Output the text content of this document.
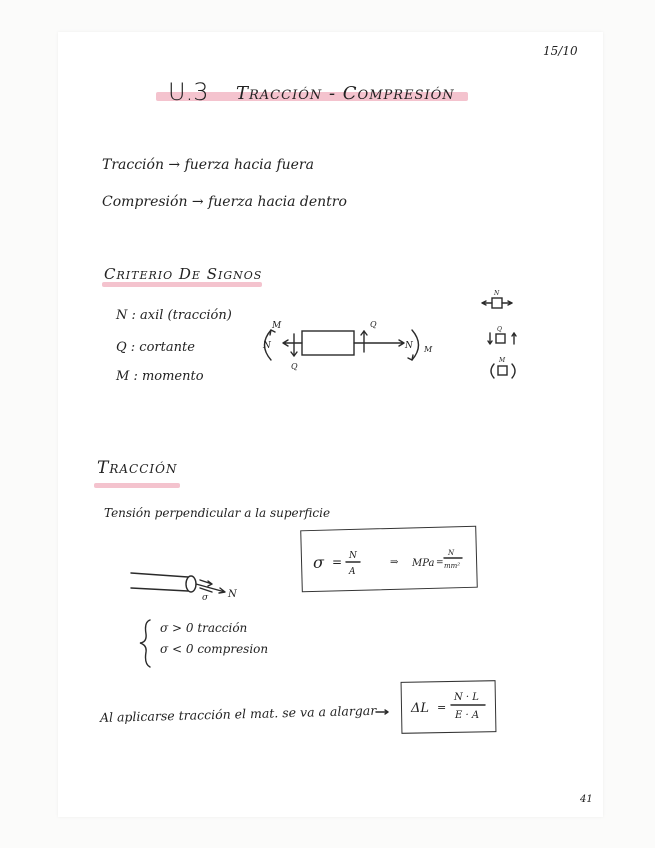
15/10
U.3 Tracción - Compresión
Tracción → fuerza hacia fuera
Compresión → fuerza hacia dentro
Criterio De Signos
N : axil (tracción)
Q : cortante
M : momento
M
N
Q
Q
N M
N
Q
M
Tracción
Tensión perpendicular a la superficie
σ = N
A
⇒ MPa =
N
mm²
σ N
σ > 0 tracción
σ < 0 compresion
Al aplicarse tracción el mat. se va a alargar	ΔL =
N · L
E · A
41
